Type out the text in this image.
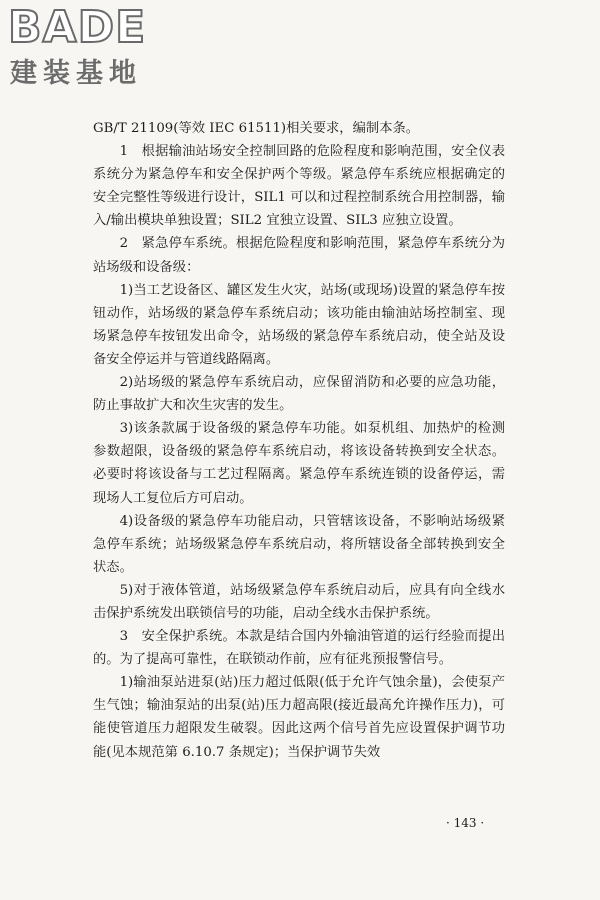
BADE
建装基地

GB/T 21109(等效 IEC 61511)相关要求，编制本条。

1　根据输油站场安全控制回路的危险程度和影响范围，安全仪表系统分为紧急停车和安全保护两个等级。紧急停车系统应根据确定的安全完整性等级进行设计，SIL1 可以和过程控制系统合用控制器，输入/输出模块单独设置；SIL2 宜独立设置、SIL3 应独立设置。

2　紧急停车系统。根据危险程度和影响范围，紧急停车系统分为站场级和设备级：

1)当工艺设备区、罐区发生火灾，站场(或现场)设置的紧急停车按钮动作，站场级的紧急停车系统启动；该功能由输油站场控制室、现场紧急停车按钮发出命令，站场级的紧急停车系统启动，使全站及设备安全停运并与管道线路隔离。

2)站场级的紧急停车系统启动，应保留消防和必要的应急功能，防止事故扩大和次生灾害的发生。

3)该条款属于设备级的紧急停车功能。如泵机组、加热炉的检测参数超限，设备级的紧急停车系统启动，将该设备转换到安全状态。必要时将该设备与工艺过程隔离。紧急停车系统连锁的设备停运，需现场人工复位后方可启动。

4)设备级的紧急停车功能启动，只管辖该设备，不影响站场级紧急停车系统；站场级紧急停车系统启动，将所辖设备全部转换到安全状态。

5)对于液体管道，站场级紧急停车系统启动后，应具有向全线水击保护系统发出联锁信号的功能，启动全线水击保护系统。

3　安全保护系统。本款是结合国内外输油管道的运行经验而提出的。为了提高可靠性，在联锁动作前，应有征兆预报警信号。

1)输油泵站进泵(站)压力超过低限(低于允许气蚀余量)，会使泵产生气蚀；输油泵站的出泵(站)压力超高限(接近最高允许操作压力)，可能使管道压力超限发生破裂。因此这两个信号首先应设置保护调节功能(见本规范第 6.10.7 条规定)；当保护调节失效

· 143 ·
